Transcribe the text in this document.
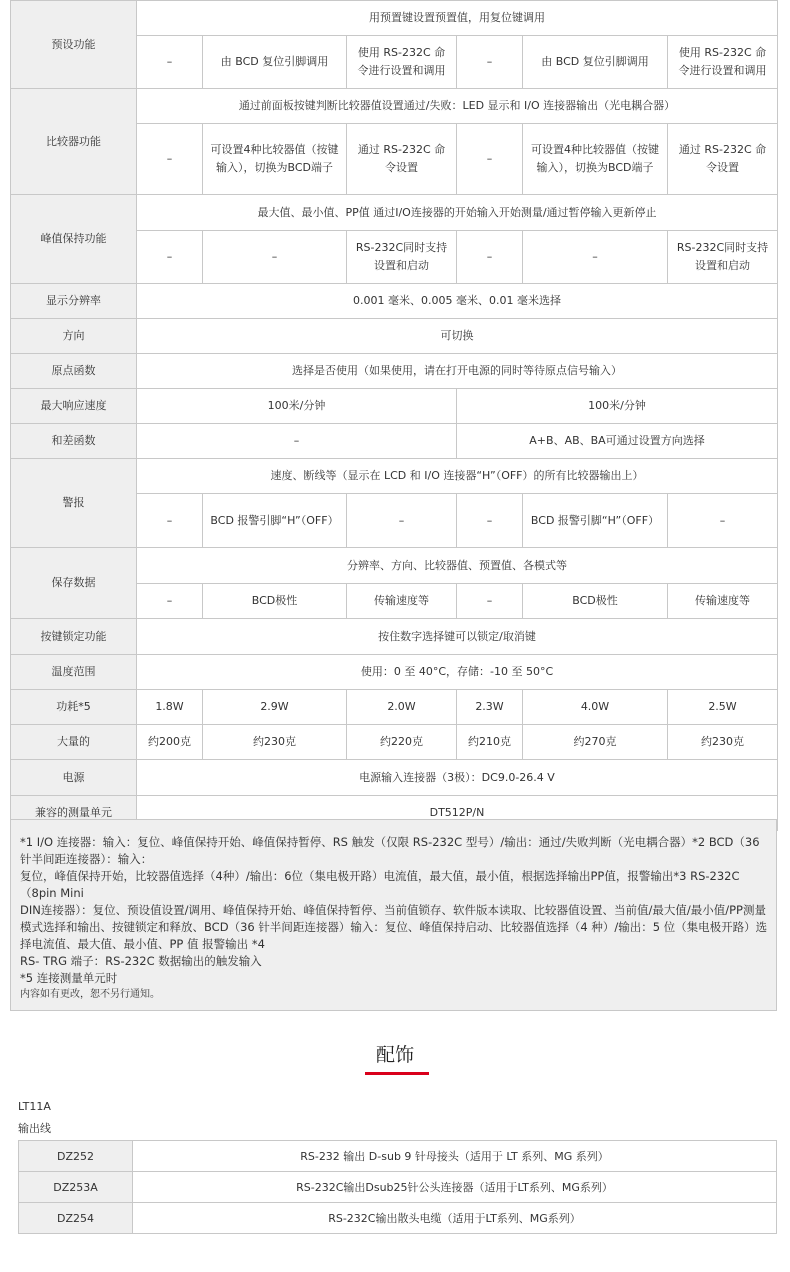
预设功能	用预置键设置预置值，用复位键调用					
	–	由 BCD 复位引脚调用	使用 RS-232C 命令进行设置和调用	–	由 BCD 复位引脚调用	使用 RS-232C 命令进行设置和调用
比较器功能	通过前面板按键判断比较器值设置通过/失败：LED 显示和 I/O 连接器输出（光电耦合器）					
	–	可设置4种比较器值（按键输入），切换为BCD端子	通过 RS-232C 命令设置	–	可设置4种比较器值（按键输入），切换为BCD端子	通过 RS-232C 命令设置
峰值保持功能	最大值、最小值、PP值 通过I/O连接器的开始输入开始测量/通过暂停输入更新停止					
	–	–	RS-232C同时支持设置和启动	–	–	RS-232C同时支持设置和启动
显示分辨率	0.001 毫米、0.005 毫米、0.01 毫米选择					
方向	可切换					
原点函数	选择是否使用（如果使用，请在打开电源的同时等待原点信号输入）					
最大响应速度	100米/分钟			100米/分钟		
和差函数	–			A+B、AB、BA可通过设置方向选择		
警报	速度、断线等（显示在 LCD 和 I/O 连接器“H”（OFF）的所有比较器输出上）					
	–	BCD 报警引脚“H”（OFF）	–	–	BCD 报警引脚“H”（OFF）	–
保存数据	分辨率、方向、比较器值、预置值、各模式等					
	–	BCD极性	传输速度等	–	BCD极性	传输速度等
按键锁定功能	按住数字选择键可以锁定/取消键					
温度范围	使用：0 至 40°C，存储：-10 至 50°C					
功耗*5	1.8W	2.9W	2.0W	2.3W	4.0W	2.5W
大量的	约200克	约230克	约220克	约210克	约270克	约230克
电源	电源输入连接器（3极）：DC9.0-26.4 V					
兼容的测量单元	DT512P/N					
*1 I/O 连接器：输入：复位、峰值保持开始、峰值保持暂停、RS 触发（仅限 RS-232C 型号）/输出：通过/失败判断（光电耦合器）*2 BCD（36 针半间距连接器）：输入：
复位，峰值保持开始，比较器值选择（4种）/输出：6位（集电极开路）电流值，最大值，最小值，根据选择输出PP值，报警输出*3 RS-232C（8pin Mini
DIN连接器）：复位、预设值设置/调用、峰值保持开始、峰值保持暂停、当前值锁存、软件版本读取、比较器值设置、当前值/最大值/最小值/PP测量模式选择和输出、按键锁定和释放、BCD（36 针半间距连接器）输入：复位、峰值保持启动、比较器值选择（4 种）/输出：5 位（集电极开路）选择电流值、最大值、最小值、PP 值 报警输出 *4
RS- TRG 端子：RS-232C 数据输出的触发输入
*5 连接测量单元时
内容如有更改，恕不另行通知。
配饰
LT11A
输出线
DZ252	RS-232 输出 D-sub 9 针母接头（适用于 LT 系列、MG 系列）
DZ253A	RS-232C输出Dsub25针公头连接器（适用于LT系列、MG系列）
DZ254	RS-232C输出散头电缆（适用于LT系列、MG系列）
